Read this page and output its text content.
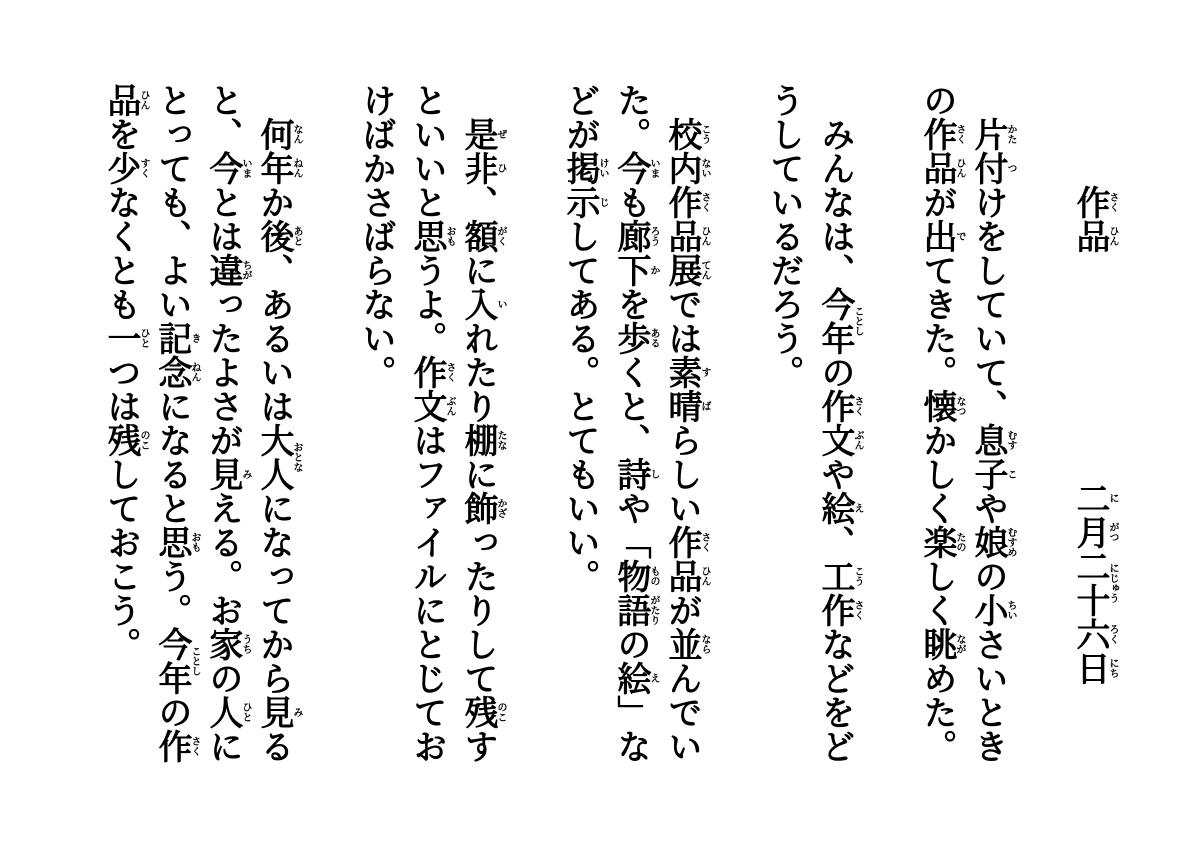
作
さく
品
ひん
二
に
月
がつ
二十
にじゅう
六
ろく
日
にち
片
かた
付
つ
けをしていて、息
むす
子
こ
や娘
むすめ
の小
ちい
さいとき
の作
さく
品
ひん
が出
で
てきた。懐
なつ
かしく楽
たの
しく眺
なが
めた。
みんなは、今年
ことし
の作
さく
文
ぶん
や絵
え
、工
こう
作
さく
などをど
うしているだろう。
校
こう
内
ない
作
さく
品
ひん
展
てん
では素
す
晴
ば
らしい作
さく
品
ひん
が並
なら
んでい
た。今
いま
も廊
ろう
下
か
を歩
ある
くと、詩
し
や「物
もの
語
がたり
の絵
え
」な
どが掲
けい
示
じ
してある。とてもいい。
是
ぜ
非
ひ
、額
がく
に入
い
れたり棚
たな
に飾
かざ
ったりして残
のこ
す
といいと思
おも
うよ。作
さく
文
ぶん
はファイルにとじてお
けばかさばらない。
何
なん
年
ねん
か後
あと
、あるいは大人
おとな
になってから見
み
る
と、今
いま
とは違
ちが
ったよさが見
み
える。お家
うち
の人
ひと
に
とっても、よい記
き
念
ねん
になると思
おも
う。今年
ことし
の作
さく
品
ひん
を少
すく
なくとも一
ひと
つは残
のこ
しておこう。
